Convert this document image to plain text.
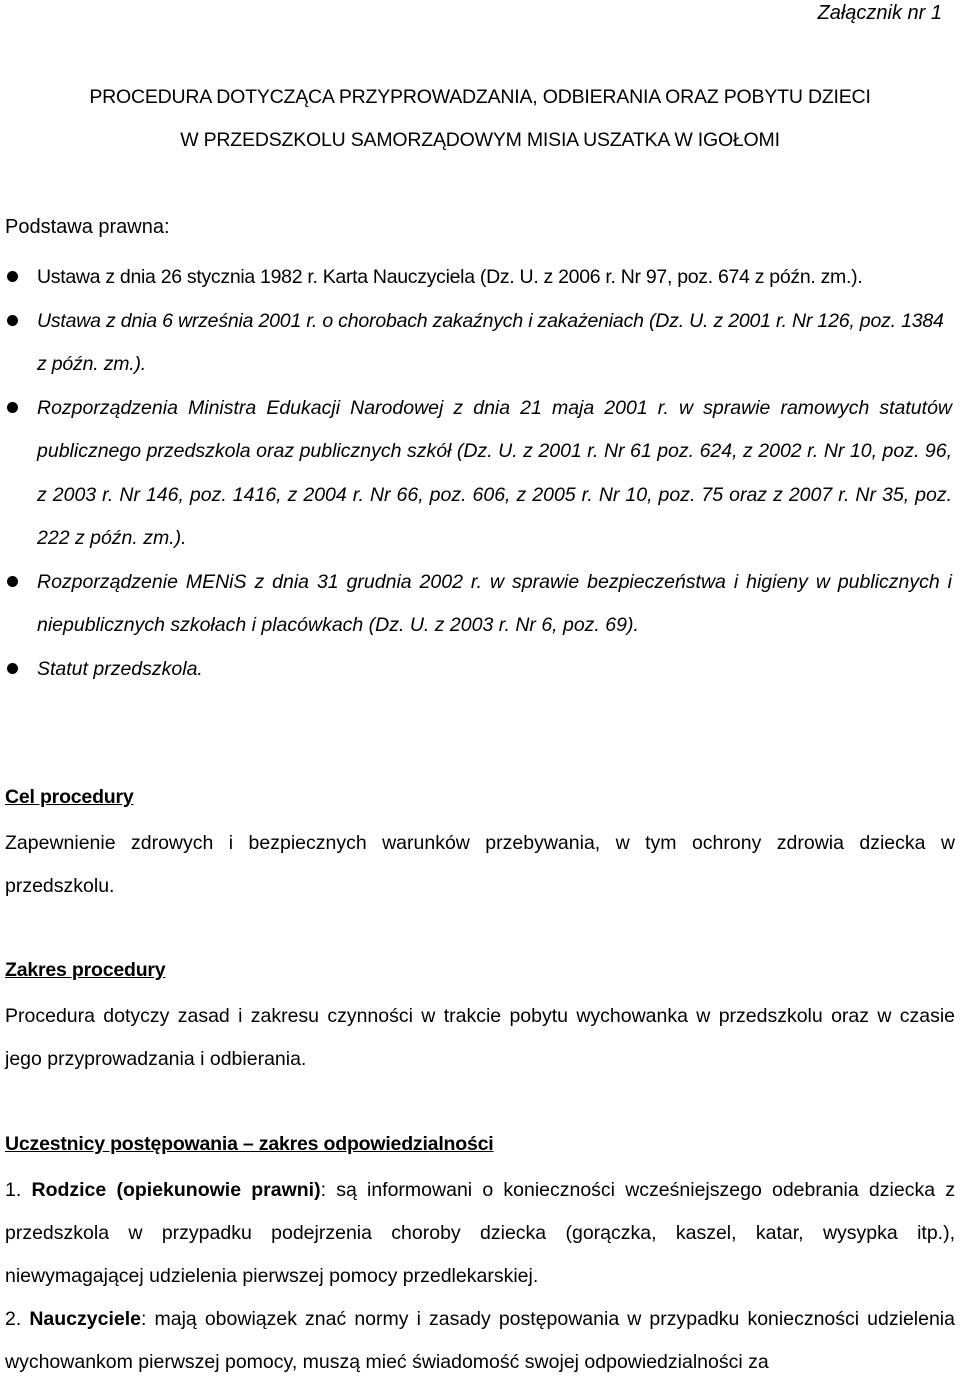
Załącznik nr 1
PROCEDURA DOTYCZĄCA PRZYPROWADZANIA, ODBIERANIA ORAZ POBYTU DZIECI
W PRZEDSZKOLU SAMORZĄDOWYM MISIA USZATKA W IGOŁOMI
Podstawa prawna:
Ustawa z dnia 26 stycznia 1982 r. Karta Nauczyciela (Dz. U. z 2006 r. Nr 97, poz. 674 z późn. zm.).
Ustawa z dnia 6 września 2001 r. o chorobach zakaźnych i zakażeniach (Dz. U. z 2001 r. Nr 126, poz. 1384 z późn. zm.).
Rozporządzenia Ministra Edukacji Narodowej z dnia 21 maja 2001 r. w sprawie ramowych statutów publicznego przedszkola oraz publicznych szkół (Dz. U. z 2001 r. Nr 61 poz. 624, z 2002 r. Nr 10, poz. 96, z 2003 r. Nr 146, poz. 1416, z 2004 r. Nr 66, poz. 606, z 2005 r. Nr 10, poz. 75 oraz z 2007 r. Nr 35, poz. 222 z późn. zm.).
Rozporządzenie MENiS z dnia 31 grudnia 2002 r. w sprawie bezpieczeństwa i higieny w publicznych i niepublicznych szkołach i placówkach (Dz. U. z 2003 r. Nr 6, poz. 69).
Statut przedszkola.
Cel procedury
Zapewnienie zdrowych i bezpiecznych warunków przebywania, w tym ochrony zdrowia dziecka w przedszkolu.
Zakres procedury
Procedura dotyczy zasad i zakresu czynności w trakcie pobytu wychowanka w przedszkolu oraz w czasie jego przyprowadzania i odbierania.
Uczestnicy postępowania – zakres odpowiedzialności
1. Rodzice (opiekunowie prawni): są informowani o konieczności wcześniejszego odebrania dziecka z przedszkola w przypadku podejrzenia choroby dziecka (gorączka, kaszel, katar, wysypka itp.), niewymagającej udzielenia pierwszej pomocy przedlekarskiej.
2. Nauczyciele: mają obowiązek znać normy i zasady postępowania w przypadku konieczności udzielenia wychowankom pierwszej pomocy, muszą mieć świadomość swojej odpowiedzialności za
